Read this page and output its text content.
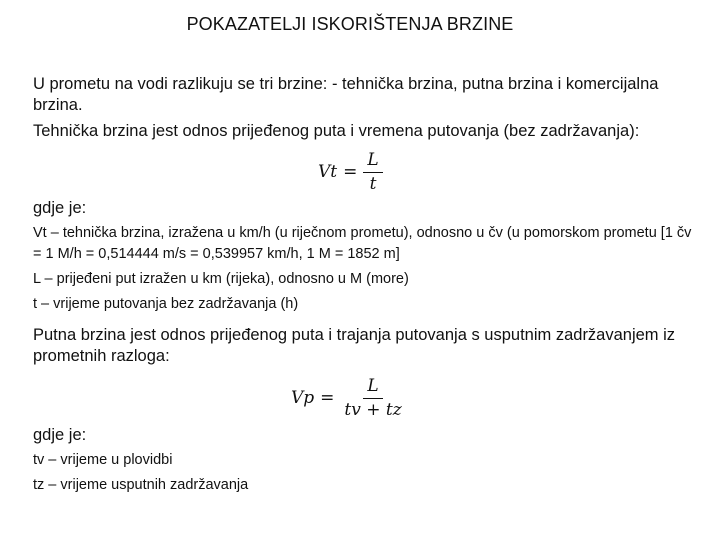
POKAZATELJI ISKORIŠTENJA BRZINE
U prometu na vodi razlikuju se tri brzine: - tehnička brzina, putna brzina i komercijalna brzina.
Tehnička brzina jest odnos prijeđenog puta i vremena putovanja (bez zadržavanja):
$Vt = \frac{L}{t}$
gdje je:
Vt – tehnička brzina, izražena u km/h (u riječnom prometu), odnosno u čv (u pomorskom prometu [1 čv = 1 M/h = 0,514444 m/s = 0,539957 km/h, 1 M = 1852 m]
L – prijeđeni put izražen u km (rijeka), odnosno u M (more)
t – vrijeme putovanja bez zadržavanja (h)
Putna brzina jest odnos prijeđenog puta i trajanja putovanja s usputnim zadržavanjem iz prometnih razloga:
$Vp = \frac{L}{tv + tz}$
gdje je:
tv – vrijeme u plovidbi
tz – vrijeme usputnih zadržavanja
